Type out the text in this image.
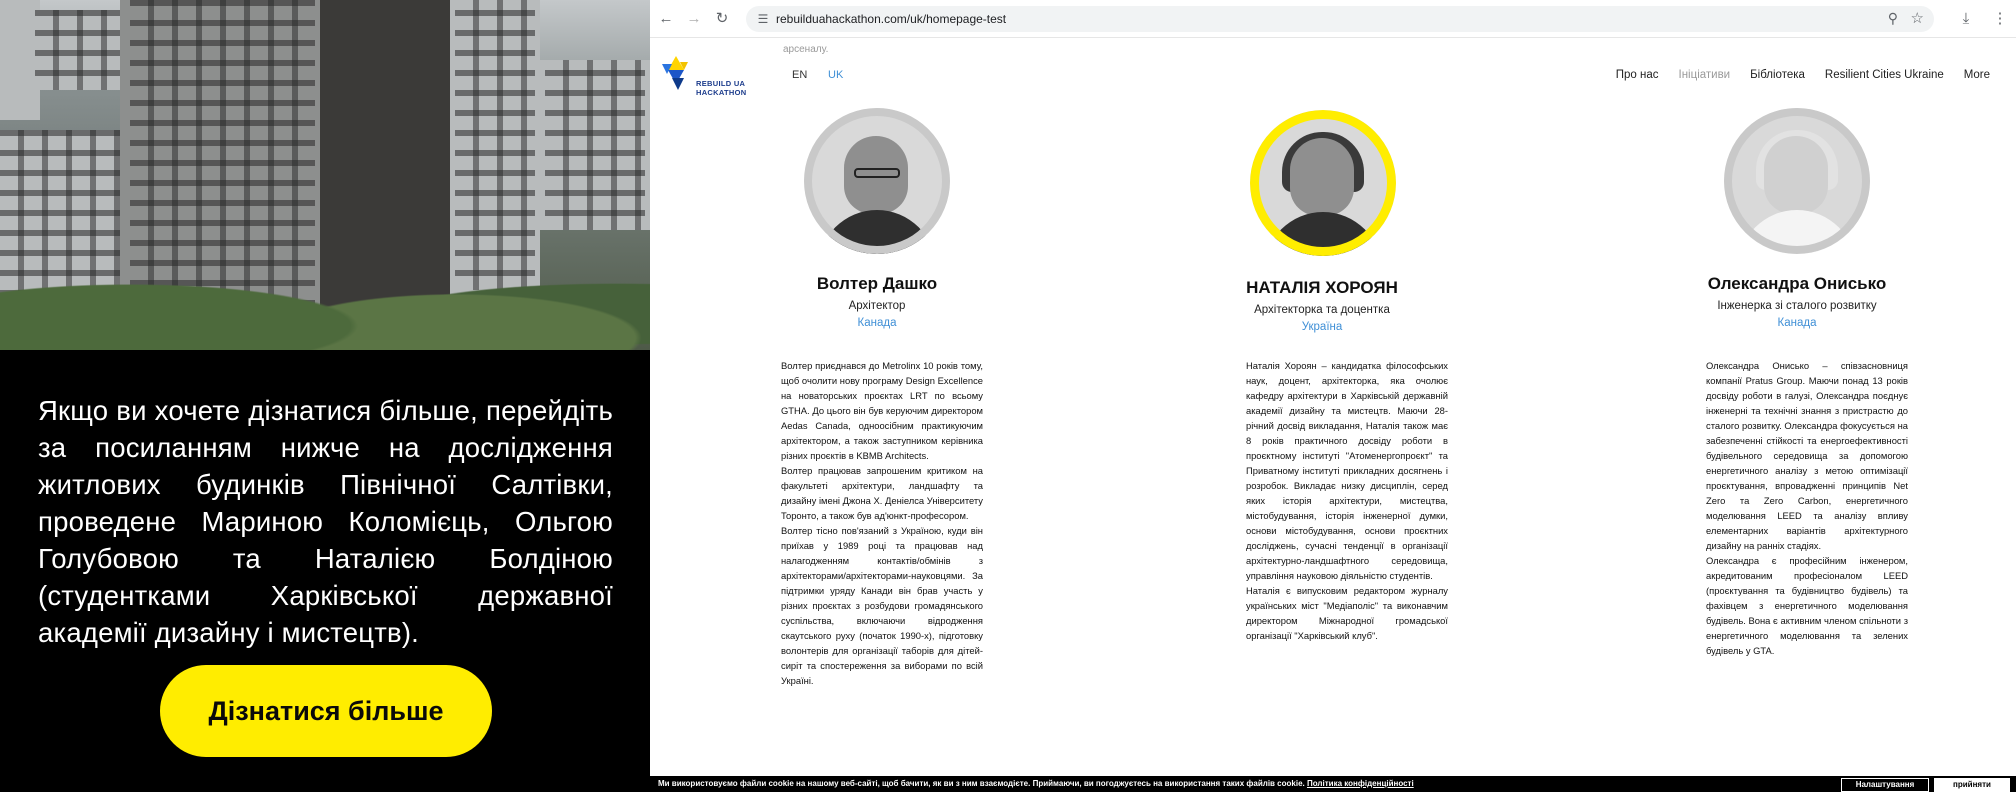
Якщо ви хочете дізнатися більше, перейдіть за посиланням нижче на дослідження житлових будинків Північної Салтівки, проведене Мариною Коломієць, Ольгою Голубовою та Наталією Болдіною (студентками Харківської державної академії дизайну і мистецтв).
Дізнатися більше
← → ↻	☰ rebuilduahackathon.com/uk/homepage-test	⚲ ☆	⤓	⋮
арсеналу.
REBUILD UA
HACKATHON
EN UK	Про нас Ініціативи Бібліотека Resilient Cities Ukraine More
Волтер Дашко
Архітектор
Канада

Волтер приєднався до Metrolinx 10 років тому, щоб очолити нову програму Design Excellence на новаторських проєктах LRT по всьому GTHA. До цього він був керуючим директором Aedas Canada, одноосібним практикуючим архітектором, а також заступником керівника різних проєктів в KBMB Architects.

Волтер працював запрошеним критиком на факультеті архітектури, ландшафту та дизайну імені Джона Х. Деніелса Університету Торонто, а також був ад'юнкт-професором.

Волтер тісно пов'язаний з Україною, куди він приїхав у 1989 році та працював над налагодженням контактів/обмінів з архітекторами/архітекторами-науковцями. За підтримки уряду Канади він брав участь у різних проєктах з розбудови громадянського суспільства, включаючи відродження скаутського руху (початок 1990-х), підготовку волонтерів для організації таборів для дітей-сиріт та спостереження за виборами по всій Україні.

НАТАЛІЯ ХОРОЯН
Архітекторка та доцентка
Україна

Наталія Хороян – кандидатка філософських наук, доцент, архітекторка, яка очолює кафедру архітектури в Харківській державній академії дизайну та мистецтв. Маючи 28-річний досвід викладання, Наталія також має 8 років практичного досвіду роботи в проєктному інституті "Атоменергопроєкт" та Приватному інституті прикладних досягнень і розробок. Викладає низку дисциплін, серед яких історія архітектури, мистецтва, містобудування, історія інженерної думки, основи містобудування, основи проєктних досліджень, сучасні тенденції в організації архітектурно-ландшафтного середовища, управління науковою діяльністю студентів.

Наталія є випусковим редактором журналу українських міст "Медіаполіс" та виконавчим директором Міжнародної громадської організації "Харківський клуб".

Олександра Онисько
Інженерка зі сталого розвитку
Канада

Олександра Онисько – співзасновниця компанії Pratus Group. Маючи понад 13 років досвіду роботи в галузі, Олександра поєднує інженерні та технічні знання з пристрастю до сталого розвитку. Олександра фокусується на забезпеченні стійкості та енергоефективності будівельного середовища за допомогою енергетичного аналізу з метою оптимізації проєктування, впровадженні принципів Net Zero та Zero Carbon, енергетичного моделювання LEED та аналізу впливу елементарних варіантів архітектурного дизайну на ранніх стадіях.

Олександра є професійним інженером, акредитованим професіоналом LEED (проєктування та будівництво будівель) та фахівцем з енергетичного моделювання будівель. Вона є активним членом спільноти з енергетичного моделювання та зелених будівель у GTA.

Ми використовуємо файли cookie на нашому веб-сайті, щоб бачити, як ви з ним взаємодієте. Приймаючи, ви погоджуєтесь на використання таких файлів cookie. Політика конфіденційності	Налаштування	прийняти
